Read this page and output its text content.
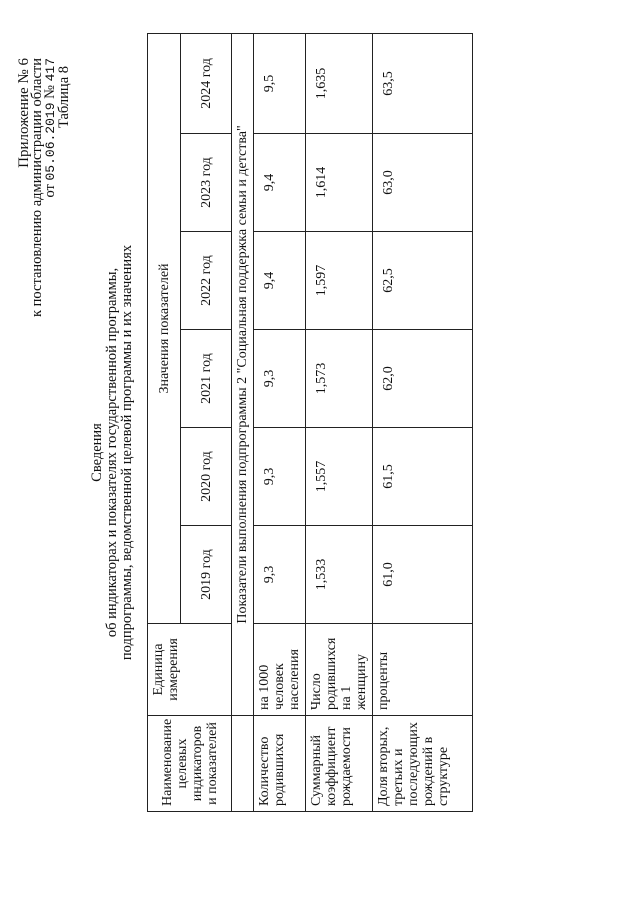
Приложение № 6
к постановлению администрации области
от 05.06.2019 № 417
Таблица 8
Сведения об индикаторах и показателях государственной программы, подпрограммы, ведомственной целевой программы и их значениях
Наименование целевых индикаторов и показателей	Единица измерения	Значения показателей					
		2019 год	2020 год	2021 год	2022 год	2023 год	2024 год
	Показатели выполнения подпрограммы 2 "Социальная поддержка семьи и детства"						
Количество родившихся	на 1000 человек населения	9,3	9,3	9,3	9,4	9,4	9,5
Суммарный коэффициент рождаемости	Число родившихся на 1 женщину	1,533	1,557	1,573	1,597	1,614	1,635
Доля вторых, третьих и последующих рождений в структуре	проценты	61,0	61,5	62,0	62,5	63,0	63,5
